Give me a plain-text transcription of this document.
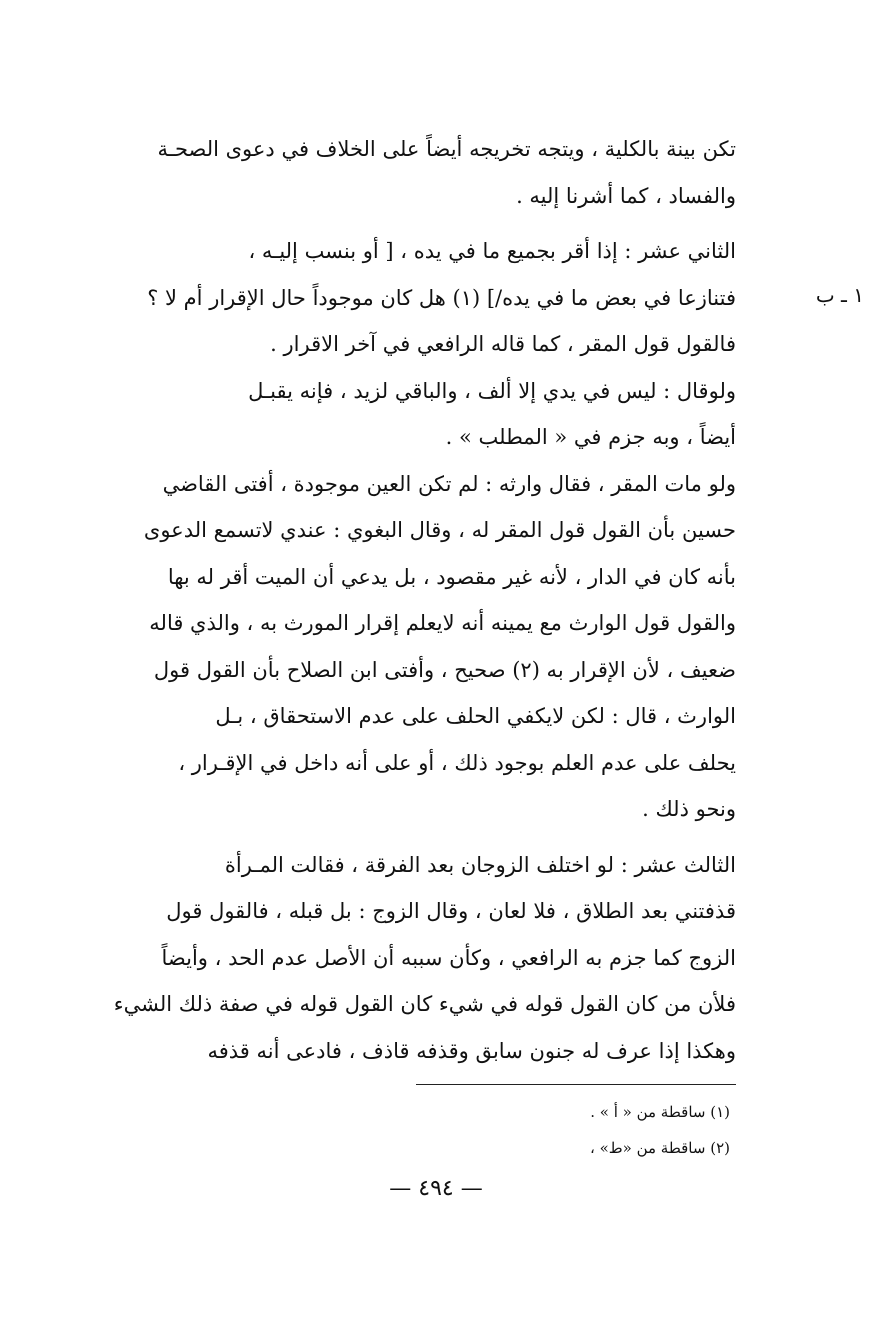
١ ـ ب
تكن بينة بالكلية ، ويتجه تخريجه أيضاً على الخلاف في دعوى الصحـة
والفساد ، كما أشرنا إليه .
الثاني عشر : إذا أقر بجميع ما في يده ، [ أو بنسب إليـه ،
فتنازعا في بعض ما في يده/] (١) هل كان موجوداً حال الإقرار أم لا ؟
فالقول قول المقر ، كما قاله الرافعي في آخر الاقرار .
ولوقال : ليس في يدي إلا ألف ، والباقي لزيد ، فإنه يقبـل
أيضاً ، وبه جزم في « المطلب » .
ولو مات المقر ، فقال وارثه : لم تكن العين موجودة ، أفتى القاضي
حسين بأن القول قول المقر له ، وقال البغوي : عندي لاتسمع الدعوى
بأنه كان في الدار ، لأنه غير مقصود ، بل يدعي أن الميت أقر له بها
والقول قول الوارث مع يمينه أنه لايعلم إقرار المورث به ، والذي قاله
ضعيف ، لأن الإقرار به (٢) صحيح ، وأفتى ابن الصلاح بأن القول قول
الوارث ، قال : لكن لايكفي الحلف على عدم الاستحقاق ، بـل
يحلف على عدم العلم بوجود ذلك ، أو على أنه داخل في الإقـرار ،
ونحو ذلك .
الثالث عشر : لو اختلف الزوجان بعد الفرقة ، فقالت المـرأة
قذفتني بعد الطلاق ، فلا لعان ، وقال الزوج : بل قبله ، فالقول قول
الزوج كما جزم به الرافعي ، وكأن سببه أن الأصل عدم الحد ، وأيضاً
فلأن من كان القول قوله في شيء كان القول قوله في صفة ذلك الشيء
وهكذا إذا عرف له جنون سابق وقذفه قاذف ، فادعى أنه قذفه
(١) ساقطة من « أ » .
(٢) ساقطة من «ط» ،
— ٤٩٤ —
